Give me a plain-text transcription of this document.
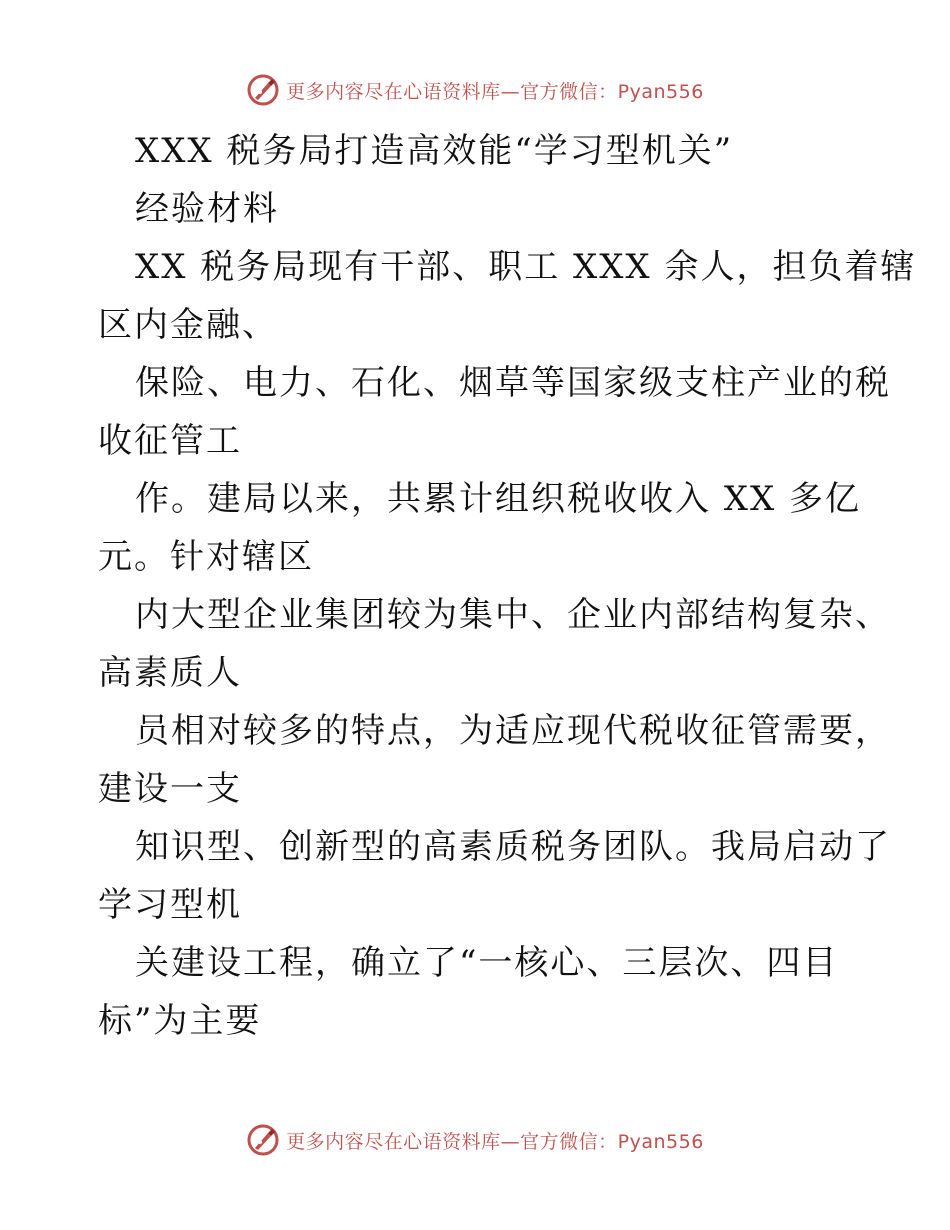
更多内容尽在心语资料库—官方微信：Pyan556
XXX 税务局打造高效能“学习型机关”
经验材料
XX 税务局现有干部、职工 XXX 余人，担负着辖
区内金融、
保险、电力、石化、烟草等国家级支柱产业的税
收征管工
作。建局以来，共累计组织税收收入 XX 多亿
元。针对辖区
内大型企业集团较为集中、企业内部结构复杂、
高素质人
员相对较多的特点，为适应现代税收征管需要，
建设一支
知识型、创新型的高素质税务团队。我局启动了
学习型机
关建设工程，确立了“一核心、三层次、四目
标”为主要
更多内容尽在心语资料库—官方微信：Pyan556
